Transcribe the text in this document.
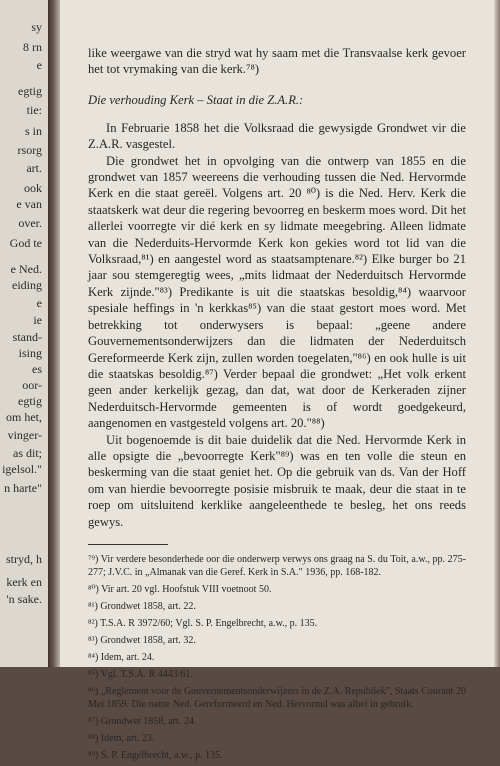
sy
8 rn
e
egtig
tie:
s in
rsorg
art.
ook
e van
over.
God te
e Ned.
eiding
e
ie
stand-
ising
es
oor-
egtig
om het,
vinger-
as dit;
igelsol."
n harte"
stryd, h
kerk en
'n sake.

like weergawe van die stryd wat hy saam met die Transvaalse kerk gevoer het tot vrymaking van die kerk.⁷⁸)

Die verhouding Kerk – Staat in die Z.A.R.:

In Februarie 1858 het die Volksraad die gewysigde Grondwet vir die Z.A.R. vasgestel.

Die grondwet het in opvolging van die ontwerp van 1855 en die grondwet van 1857 weereens die verhouding tussen die Ned. Hervormde Kerk en die staat gereël. Volgens art. 20 ⁸⁰) is die Ned. Herv. Kerk die staatskerk wat deur die regering bevoorreg en beskerm moes word. Dit het allerlei voorregte vir dié kerk en sy lidmate meegebring. Alleen lidmate van die Nederduits-Hervormde Kerk kon gekies word tot lid van die Volksraad,⁸¹) en aangestel word as staatsamptenare.⁸²) Elke burger bo 21 jaar sou stemgeregtig wees, „mits lidmaat der Nederduitsch Hervormde Kerk zijnde."⁸³) Predikante is uit die staatskas besoldig,⁸⁴) waarvoor spesiale heffings in 'n kerkkas⁸⁵) van die staat gestort moes word. Met betrekking tot onderwysers is bepaal: „geene andere Gouvernementsonderwijzers dan die lidmaten der Nederduitsch Gereformeerde Kerk zijn, zullen worden toegelaten,"⁸⁶) en ook hulle is uit die staatskas besoldig.⁸⁷) Verder bepaal die grondwet: „Het volk erkent geen ander kerkelijk gezag, dan dat, wat door de Kerkeraden zijner Nederduitsch-Hervormde gemeenten is of wordt goedgekeurd, aangenomen en vastgesteld volgens art. 20."⁸⁸)

Uit bogenoemde is dit baie duidelik dat die Ned. Hervormde Kerk in alle opsigte die „bevoorregte Kerk"⁸⁹) was en ten volle die steun en beskerming van die staat geniet het. Op die gebruik van ds. Van der Hoff om van hierdie bevoorregte posisie misbruik te maak, deur die staat in te roep om uitsluitend kerklike aangeleenthede te besleg, het ons reeds gewys.

⁷⁹) Vir verdere besonderhede oor die onderwerp verwys ons graag na S. du Toit, a.w., pp. 275-277; J.V.C. in „Almanak van die Geref. Kerk in S.A." 1936, pp. 168-182.

⁸⁰) Vir art. 20 vgl. Hoofstuk VIII voetnoot 50.

⁸¹) Grondwet 1858, art. 22.

⁸²) T.S.A. R 3972/60; Vgl. S. P. Engelbrecht, a.w., p. 135.

⁸³) Grondwet 1858, art. 32.

⁸⁴) Idem, art. 24.

⁸⁵) Vgl. T.S.A. R 4443/61.

⁸⁶) „Reglement voor de Gouvernementsonderwijzers in de Z.A. Republiek", Staats Courant 20 Mei 1859. Die name Ned. Gereformeerd en Ned. Hervormd was albei in gebruik.

⁸⁷) Grondwet 1858, art. 24.

⁸⁸) Idem, art. 23.

⁸⁹) S. P. Engelbrecht, a.w., p. 135.
